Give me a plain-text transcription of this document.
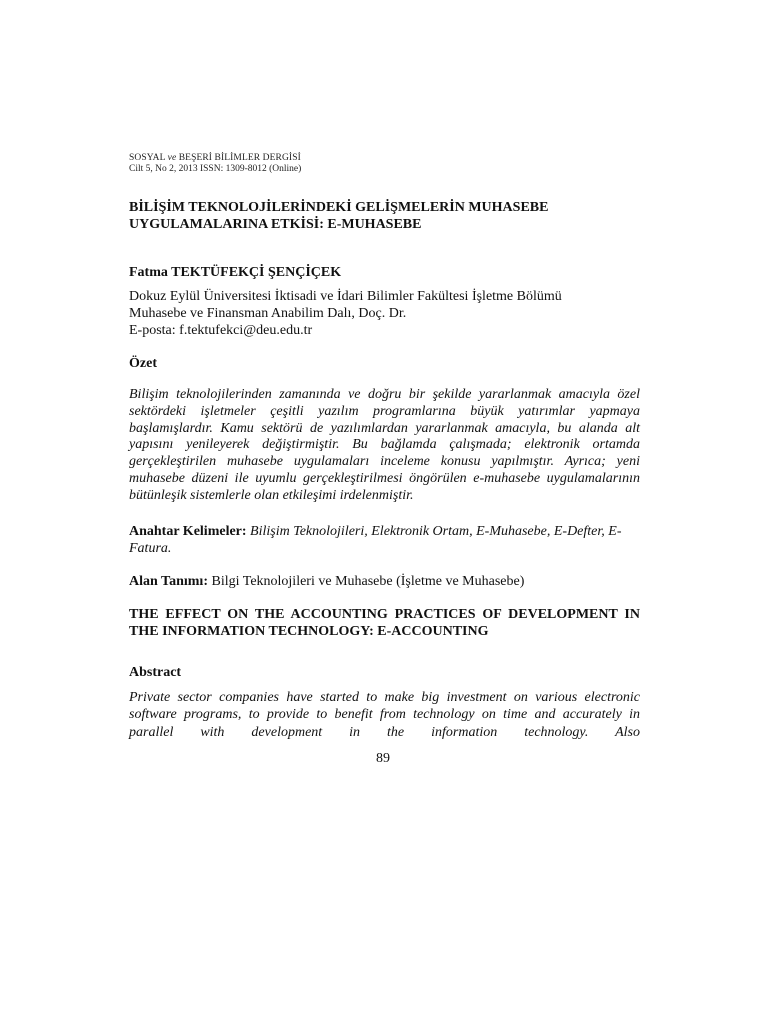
SOSYAL ve BEŞERİ BİLİMLER DERGİSİ
Cilt 5, No 2, 2013 ISSN: 1309-8012 (Online)
BİLİŞİM TEKNOLOJİLERİNDEKİ GELİŞMELERİN MUHASEBE UYGULAMALARINA ETKİSİ: E-MUHASEBE
Fatma TEKTÜFEKÇİ ŞENÇİÇEK
Dokuz Eylül Üniversitesi İktisadi ve İdari Bilimler Fakültesi İşletme Bölümü
Muhasebe ve Finansman Anabilim Dalı, Doç. Dr.
E-posta: f.tektufekci@deu.edu.tr
Özet

Bilişim teknolojilerinden zamanında ve doğru bir şekilde yararlanmak amacıyla özel sektördeki işletmeler çeşitli yazılım programlarına büyük yatırımlar yapmaya başlamışlardır. Kamu sektörü de yazılımlardan yararlanmak amacıyla, bu alanda alt yapısını yenileyerek değiştirmiştir. Bu bağlamda çalışmada; elektronik ortamda gerçekleştirilen muhasebe uygulamaları inceleme konusu yapılmıştır. Ayrıca; yeni muhasebe düzeni ile uyumlu gerçekleştirilmesi öngörülen e-muhasebe uygulamalarının bütünleşik sistemlerle olan etkileşimi irdelenmiştir.

Anahtar Kelimeler: Bilişim Teknolojileri, Elektronik Ortam, E-Muhasebe, E-Defter, E-Fatura.

Alan Tanımı: Bilgi Teknolojileri ve Muhasebe (İşletme ve Muhasebe)

THE EFFECT ON THE ACCOUNTING PRACTICES OF DEVELOPMENT IN THE INFORMATION TECHNOLOGY: E-ACCOUNTING
Abstract

Private sector companies have started to make big investment on various electronic software programs, to provide to benefit from technology on time and accurately in parallel with development in the information technology. Also

89
